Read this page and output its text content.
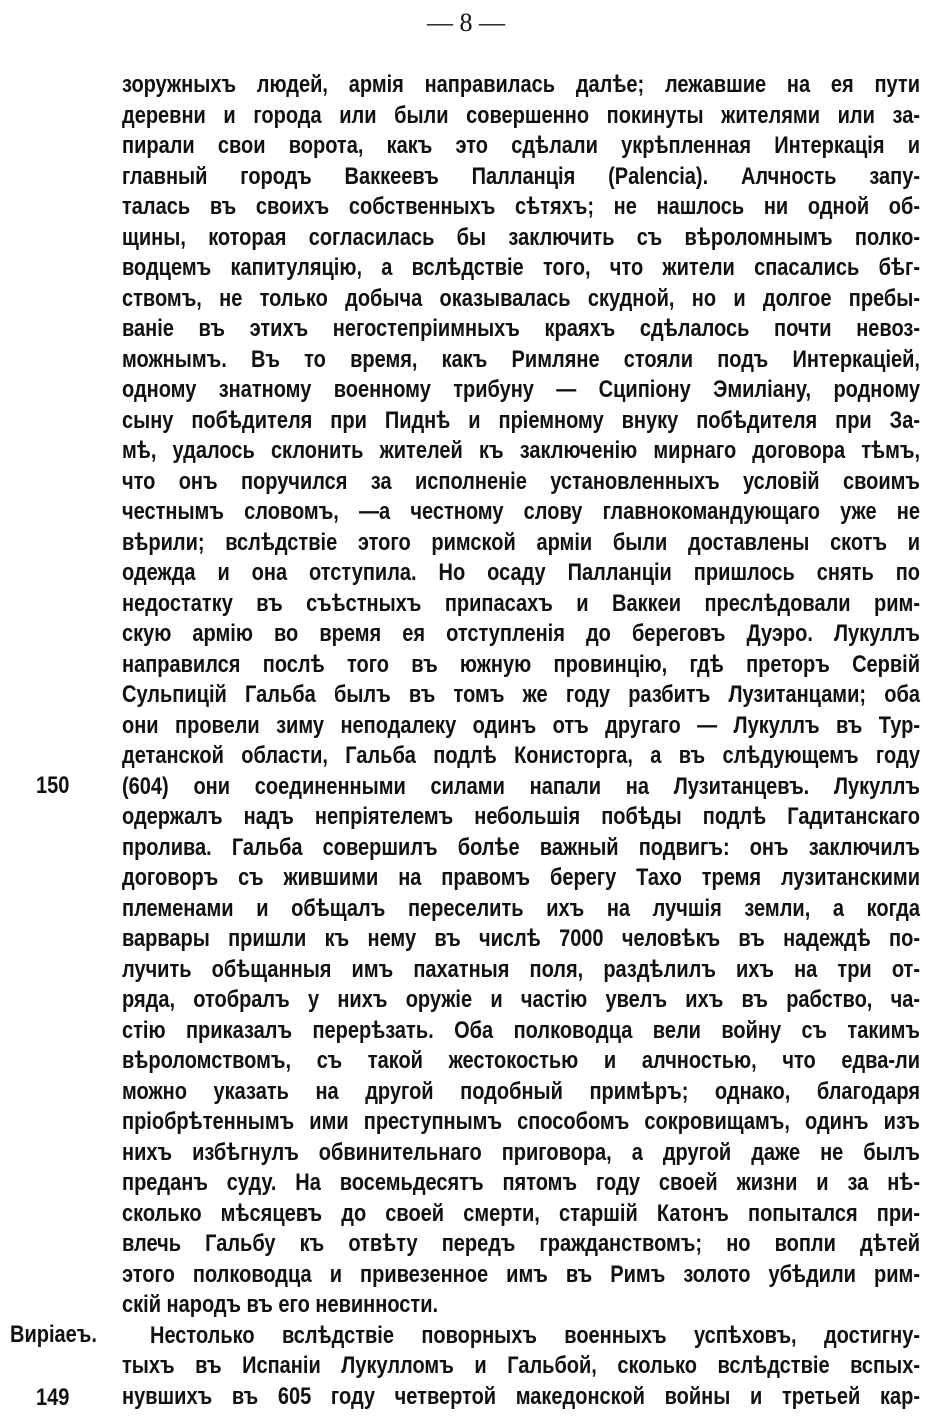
— 8 —
зоружныхъ людей, армія направилась далѣе; лежавшие на ея пути
деревни и города или были совершенно покинуты жителями или за-
пирали свои ворота, какъ это сдѣлали укрѣпленная Интеркація и
главный городъ Ваккеевъ Палланція (Palencia). Алчность запу-
талась въ своихъ собственныхъ сѣтяхъ; не нашлось ни одной об-
щины, которая согласилась бы заключить съ вѣроломнымъ полко-
водцемъ капитуляцію, а вслѣдствіе того, что жители спасались бѣг-
ствомъ, не только добыча оказывалась скудной, но и долгое пребы-
ваніе въ этихъ негостепріимныхъ краяхъ сдѣлалось почти невоз-
можнымъ. Въ то время, какъ Римляне стояли подъ Интеркаціей,
одному знатному военному трибуну — Сципіону Эмиліану, родному
сыну побѣдителя при Пиднѣ и пріемному внуку побѣдителя при За-
мѣ, удалось склонить жителей къ заключенію мирнаго договора тѣмъ,
что онъ поручился за исполненіе установленныхъ условій своимъ
честнымъ словомъ, —а честному слову главнокомандующаго уже не
вѣрили; вслѣдствіе этого римской арміи были доставлены скотъ и
одежда и она отступила. Но осаду Палланціи пришлось снять по
недостатку въ съѣстныхъ припасахъ и Ваккеи преслѣдовали рим-
скую армію во время ея отступленія до береговъ Дуэро. Лукуллъ
направился послѣ того въ южную провинцію, гдѣ преторъ Сервій
Сульпицій Гальба былъ въ томъ же году разбитъ Лузитанцами; оба
они провели зиму неподалеку одинъ отъ другаго — Лукуллъ въ Тур-
детанской области, Гальба подлѣ Конисторга, а въ слѣдующемъ году
(604) они соединенными силами напали на Лузитанцевъ. Лукуллъ
одержалъ надъ непріятелемъ небольшія побѣды подлѣ Гадитанскаго
пролива. Гальба совершилъ болѣе важный подвигъ: онъ заключилъ
договоръ съ жившими на правомъ берегу Тахо тремя лузитанскими
племенами и обѣщалъ переселить ихъ на лучшія земли, а когда
варвары пришли къ нему въ числѣ 7000 человѣкъ въ надеждѣ по-
лучить обѣщанныя имъ пахатныя поля, раздѣлилъ ихъ на три от-
ряда, отобралъ у нихъ оружіе и частію увелъ ихъ въ рабство, ча-
стію приказалъ перерѣзать. Оба полководца вели войну съ такимъ
вѣроломствомъ, съ такой жестокостью и алчностью, что едва-ли
можно указать на другой подобный примѣръ; однако, благодаря
пріобрѣтеннымъ ими преступнымъ способомъ сокровищамъ, одинъ изъ
нихъ избѣгнулъ обвинительнаго приговора, а другой даже не былъ
преданъ суду. На восемьдесятъ пятомъ году своей жизни и за нѣ-
сколько мѣсяцевъ до своей смерти, старшій Катонъ попытался при-
влечь Гальбу къ отвѣту передъ гражданствомъ; но вопли дѣтей
этого полководца и привезенное имъ въ Римъ золото убѣдили рим-
скій народъ въ его невинности.
Нестолько вслѣдствіе поворныхъ военныхъ успѣховъ, достигну-
тыхъ въ Испаніи Лукулломъ и Гальбой, сколько вслѣдствіе вспых-
нувшихъ въ 605 году четвертой македонской войны и третьей кар-
150
Виріаеъ.
149
